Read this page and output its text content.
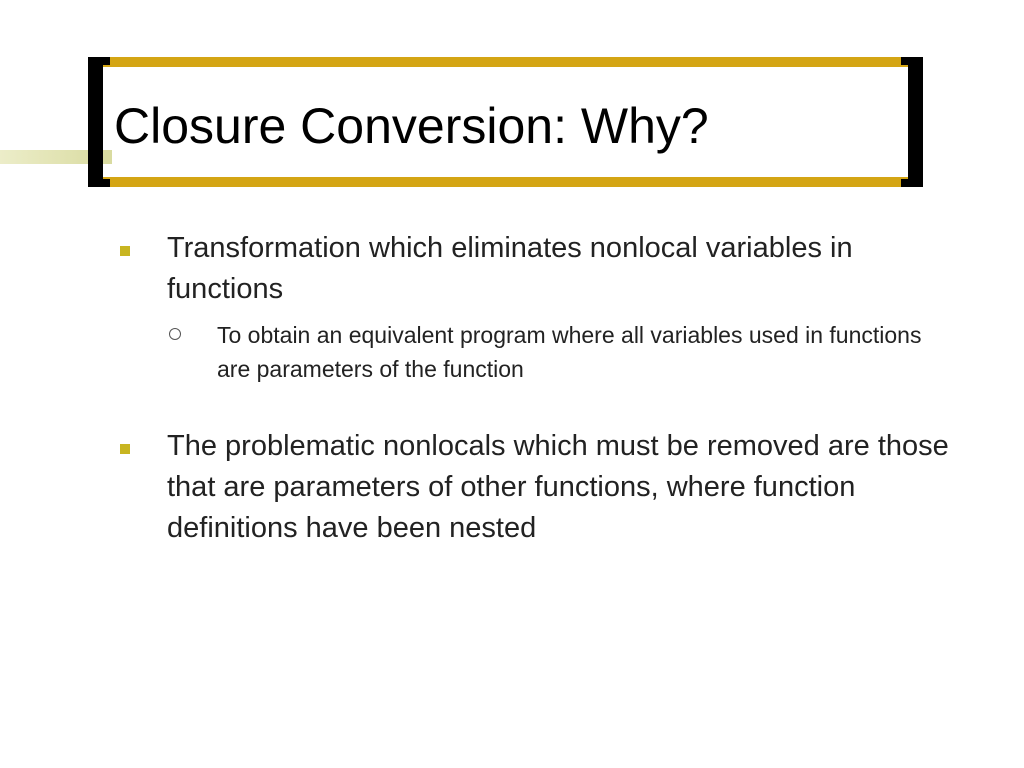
Closure Conversion: Why?
Transformation which eliminates nonlocal variables in functions
To obtain an equivalent program where all variables used in functions are parameters of the function
The problematic nonlocals which must be removed are those that are parameters of other functions, where function definitions have been nested
